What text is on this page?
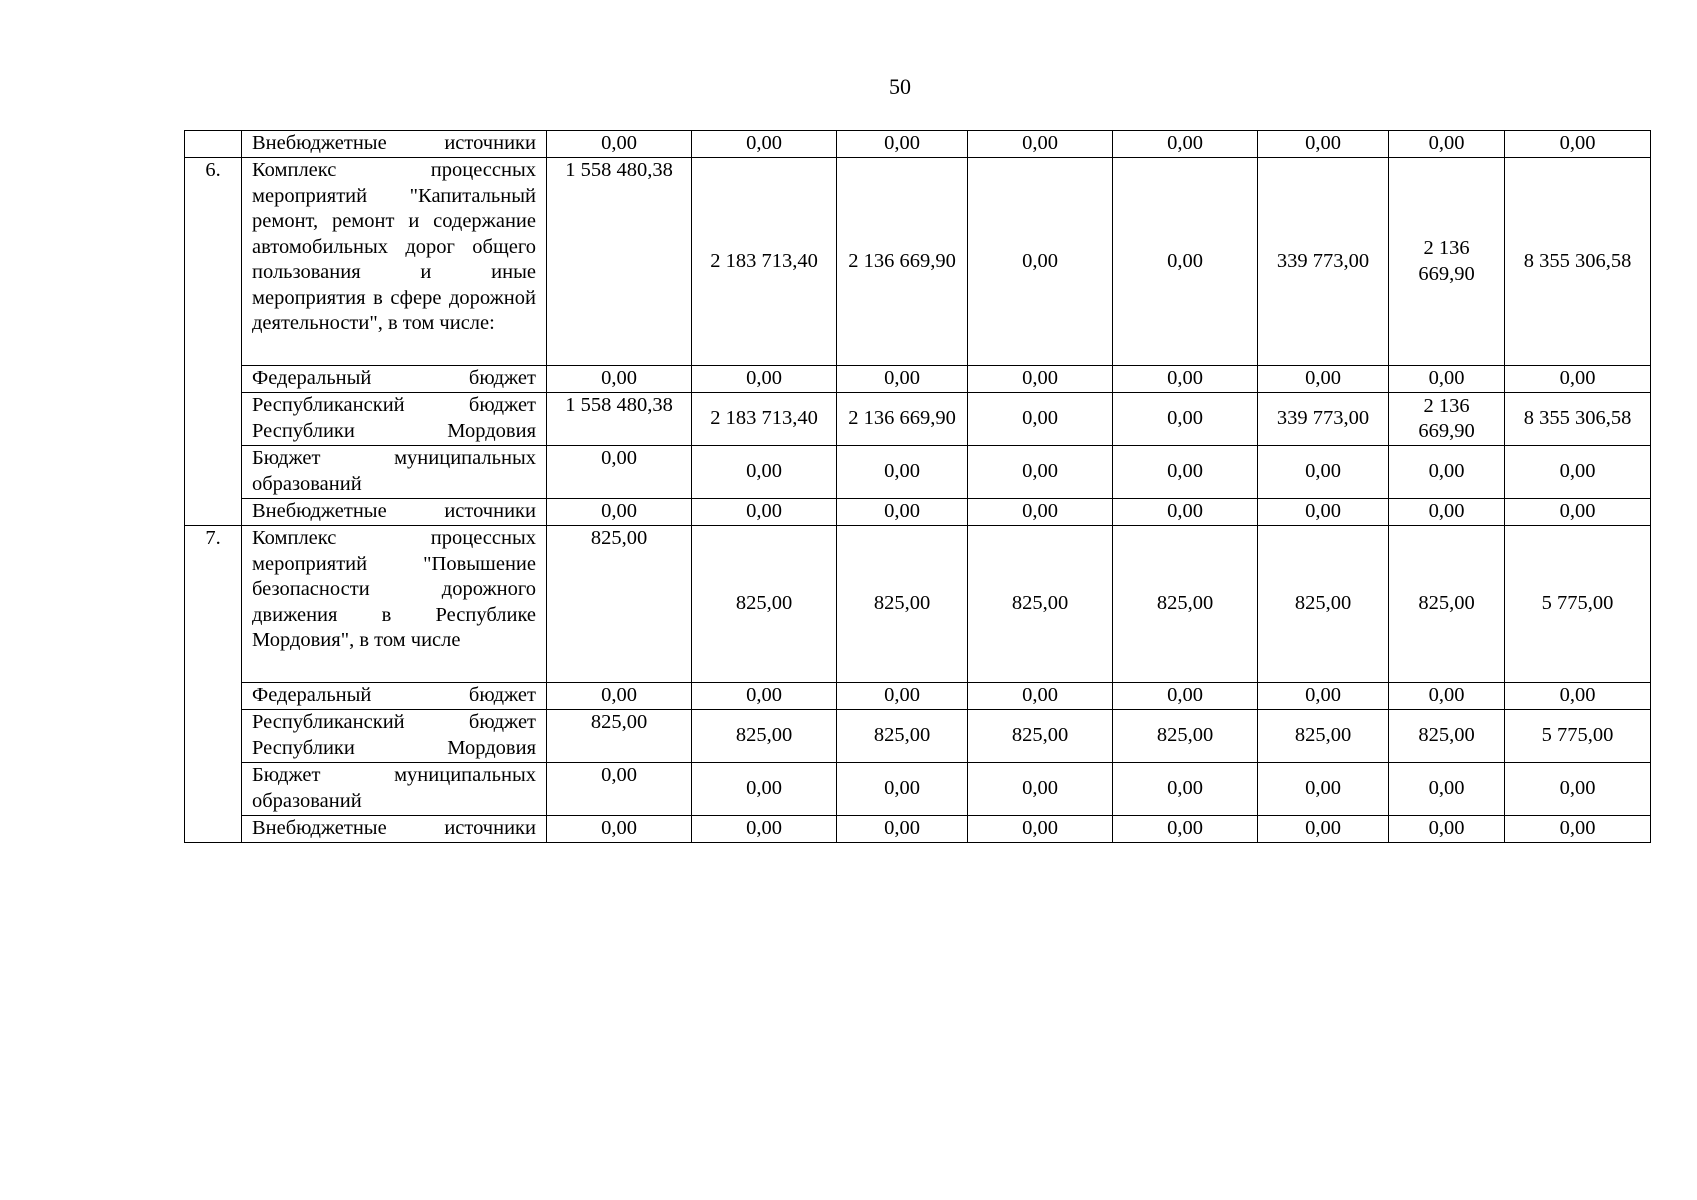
50
	Внебюджетные источники	0,00	0,00	0,00	0,00	0,00	0,00	0,00	0,00
6.	Комплекс процессных мероприятий "Капитальный ремонт, ремонт и содержание автомобильных дорог общего пользования и иные мероприятия в сфере дорожной деятельности", в том числе:	1 558 480,38	2 183 713,40	2 136 669,90	0,00	0,00	339 773,00	2 136 669,90	8 355 306,58
	Федеральный бюджет	0,00	0,00	0,00	0,00	0,00	0,00	0,00	0,00
	Республиканский бюджет Республики Мордовия	1 558 480,38	2 183 713,40	2 136 669,90	0,00	0,00	339 773,00	2 136 669,90	8 355 306,58
	Бюджет муниципальных образований	0,00	0,00	0,00	0,00	0,00	0,00	0,00	0,00
	Внебюджетные источники	0,00	0,00	0,00	0,00	0,00	0,00	0,00	0,00
7.	Комплекс процессных мероприятий "Повышение безопасности дорожного движения в Республике Мордовия", в том числе	825,00	825,00	825,00	825,00	825,00	825,00	825,00	5 775,00
	Федеральный бюджет	0,00	0,00	0,00	0,00	0,00	0,00	0,00	0,00
	Республиканский бюджет Республики Мордовия	825,00	825,00	825,00	825,00	825,00	825,00	825,00	5 775,00
	Бюджет муниципальных образований	0,00	0,00	0,00	0,00	0,00	0,00	0,00	0,00
	Внебюджетные источники	0,00	0,00	0,00	0,00	0,00	0,00	0,00	0,00
